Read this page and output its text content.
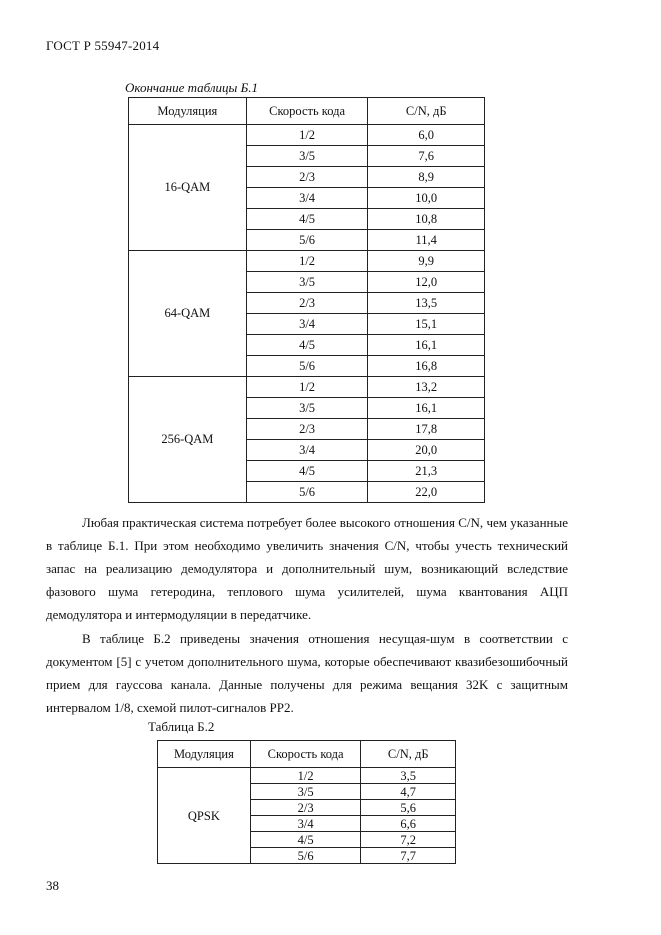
ГОСТ Р 55947-2014
Окончание таблицы Б.1
Модуляция	Скорость кода	C/N, дБ
16-QAM	1/2	6,0
	3/5	7,6
	2/3	8,9
	3/4	10,0
	4/5	10,8
	5/6	11,4
64-QAM	1/2	9,9
	3/5	12,0
	2/3	13,5
	3/4	15,1
	4/5	16,1
	5/6	16,8
256-QAM	1/2	13,2
	3/5	16,1
	2/3	17,8
	3/4	20,0
	4/5	21,3
	5/6	22,0

Любая практическая система потребует более высокого отношения C/N, чем указанные в таблице Б.1. При этом необходимо увеличить значения C/N, чтобы учесть технический запас на реализацию демодулятора и дополнительный шум, возникающий вследствие фазового шума гетеродина, теплового шума усилителей, шума квантования АЦП демодулятора и интермодуляции в передатчике.

В таблице Б.2 приведены значения отношения несущая-шум в соответствии с документом [5] с учетом дополнительного шума, которые обеспечивают квазибезошибочный прием для гауссова канала. Данные получены для режима вещания 32K с защитным интервалом 1/8, схемой пилот-сигналов PP2.

Таблица Б.2
Модуляция	Скорость кода	C/N, дБ
QPSK	1/2	3,5
	3/5	4,7
	2/3	5,6
	3/4	6,6
	4/5	7,2
	5/6	7,7
38
